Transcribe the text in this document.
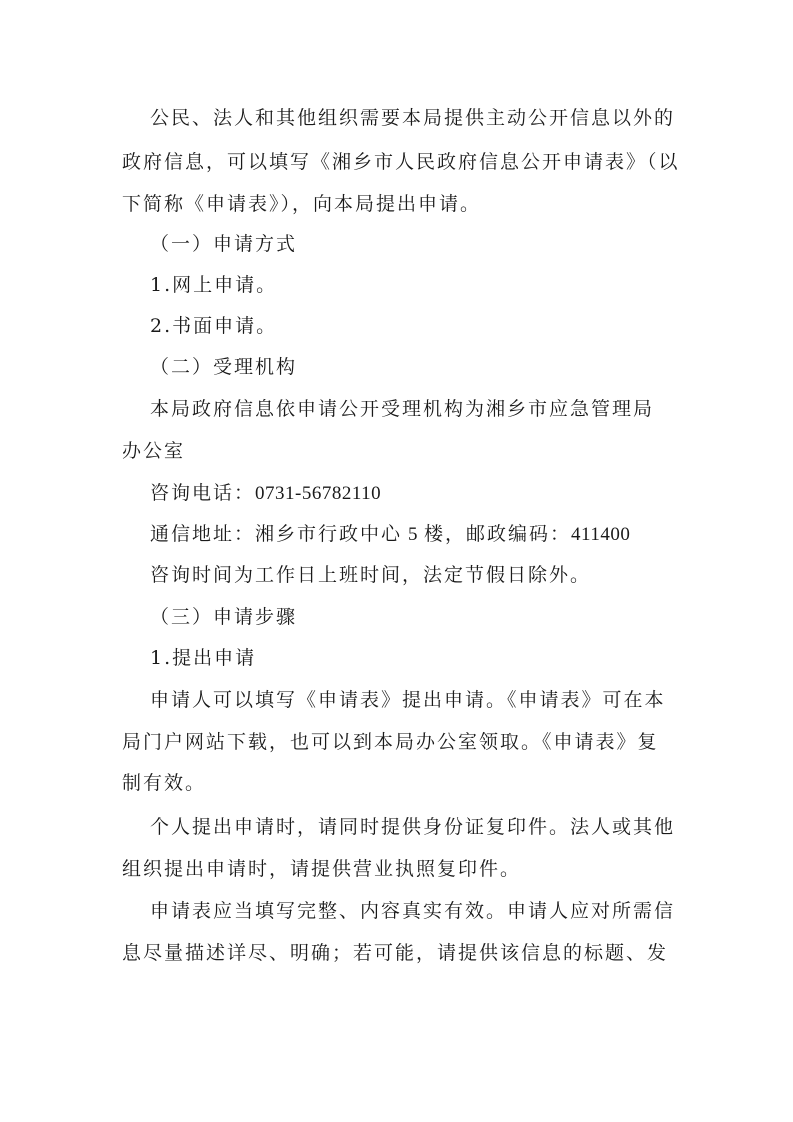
公民、法人和其他组织需要本局提供主动公开信息以外的
政府信息，可以填写《湘乡市人民政府信息公开申请表》（以
下简称《申请表》），向本局提出申请。
（一）申请方式
1.网上申请。
2.书面申请。
（二）受理机构
本局政府信息依申请公开受理机构为湘乡市应急管理局
办公室
咨询电话：0731-56782110
通信地址：湘乡市行政中心 5 楼，邮政编码：411400
咨询时间为工作日上班时间，法定节假日除外。
（三）申请步骤
1.提出申请
申请人可以填写《申请表》提出申请。《申请表》可在本
局门户网站下载，也可以到本局办公室领取。《申请表》复
制有效。
个人提出申请时，请同时提供身份证复印件。法人或其他
组织提出申请时，请提供营业执照复印件。
申请表应当填写完整、内容真实有效。申请人应对所需信
息尽量描述详尽、明确；若可能，请提供该信息的标题、发
